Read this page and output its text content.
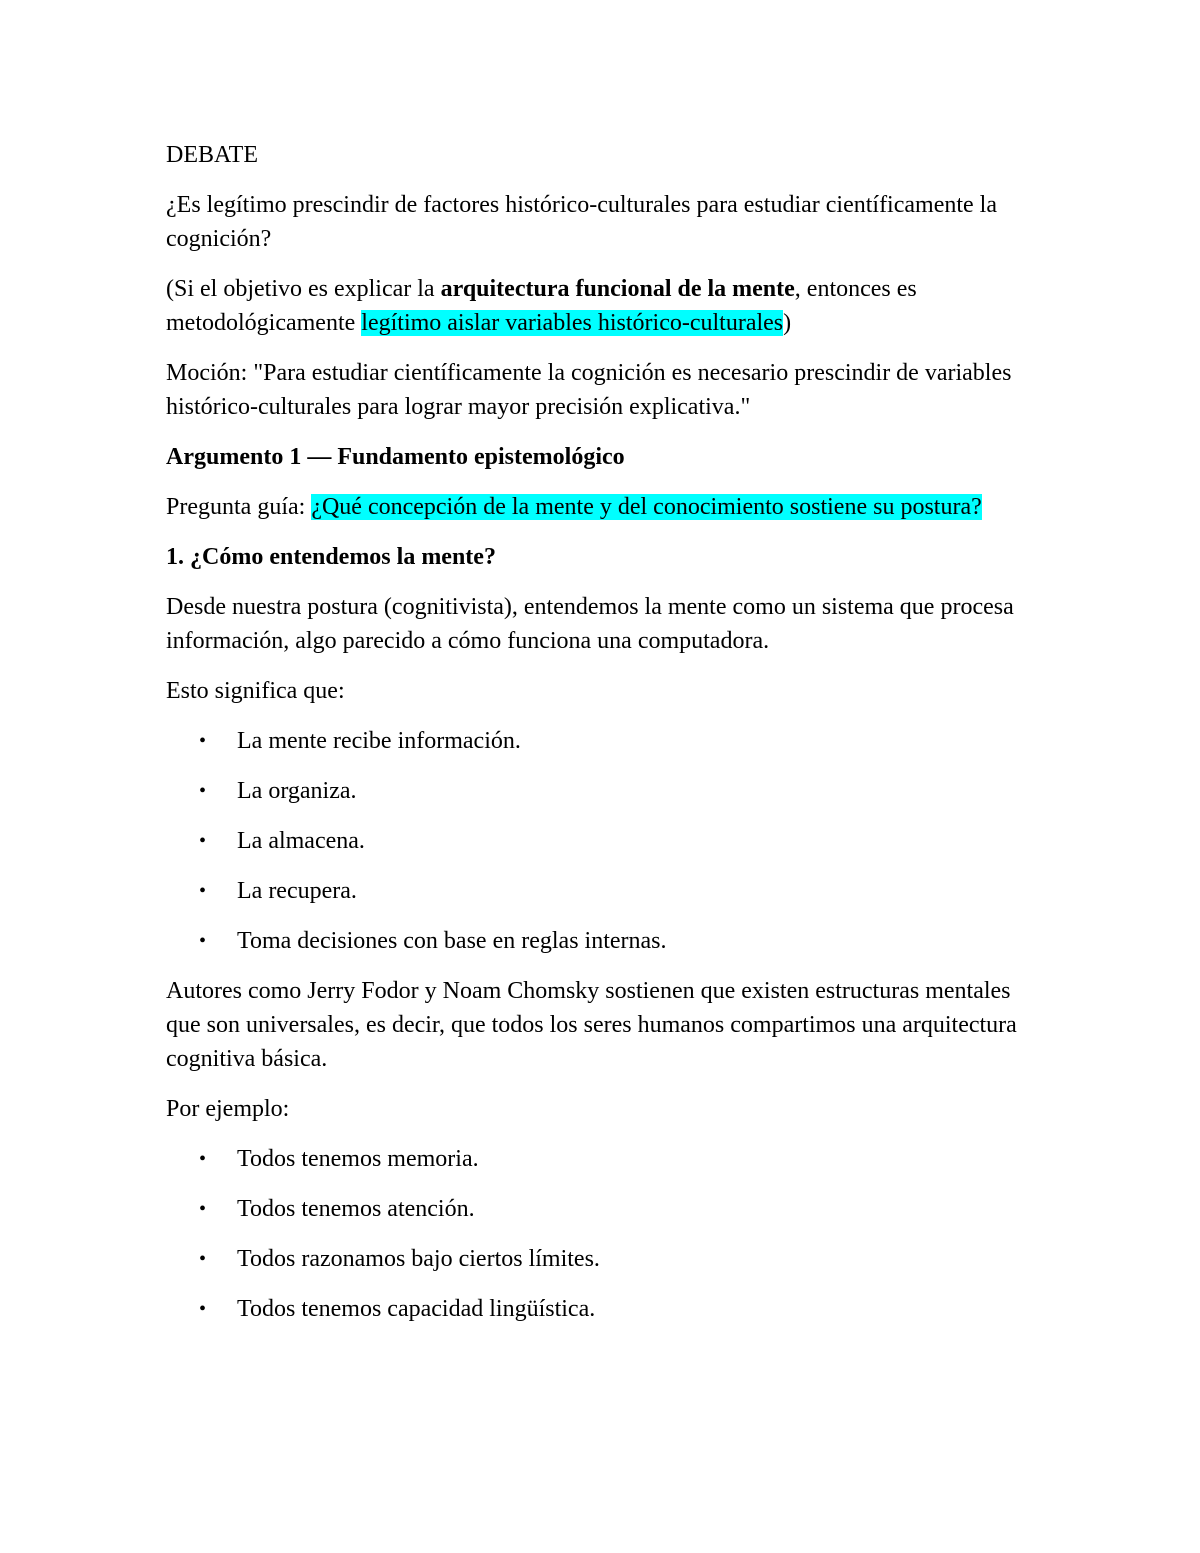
DEBATE

¿Es legítimo prescindir de factores histórico-culturales para estudiar científicamente la cognición?

(Si el objetivo es explicar la arquitectura funcional de la mente, entonces es metodológicamente legítimo aislar variables histórico-culturales)

Moción: "Para estudiar científicamente la cognición es necesario prescindir de variables histórico-culturales para lograr mayor precisión explicativa."

Argumento 1 — Fundamento epistemológico

Pregunta guía: ¿Qué concepción de la mente y del conocimiento sostiene su postura?

1. ¿Cómo entendemos la mente?

Desde nuestra postura (cognitivista), entendemos la mente como un sistema que procesa información, algo parecido a cómo funciona una computadora.

Esto significa que:

• La mente recibe información.
• La organiza.
• La almacena.
• La recupera.
• Toma decisiones con base en reglas internas.

Autores como Jerry Fodor y Noam Chomsky sostienen que existen estructuras mentales que son universales, es decir, que todos los seres humanos compartimos una arquitectura cognitiva básica.

Por ejemplo:

• Todos tenemos memoria.
• Todos tenemos atención.
• Todos razonamos bajo ciertos límites.
• Todos tenemos capacidad lingüística.
